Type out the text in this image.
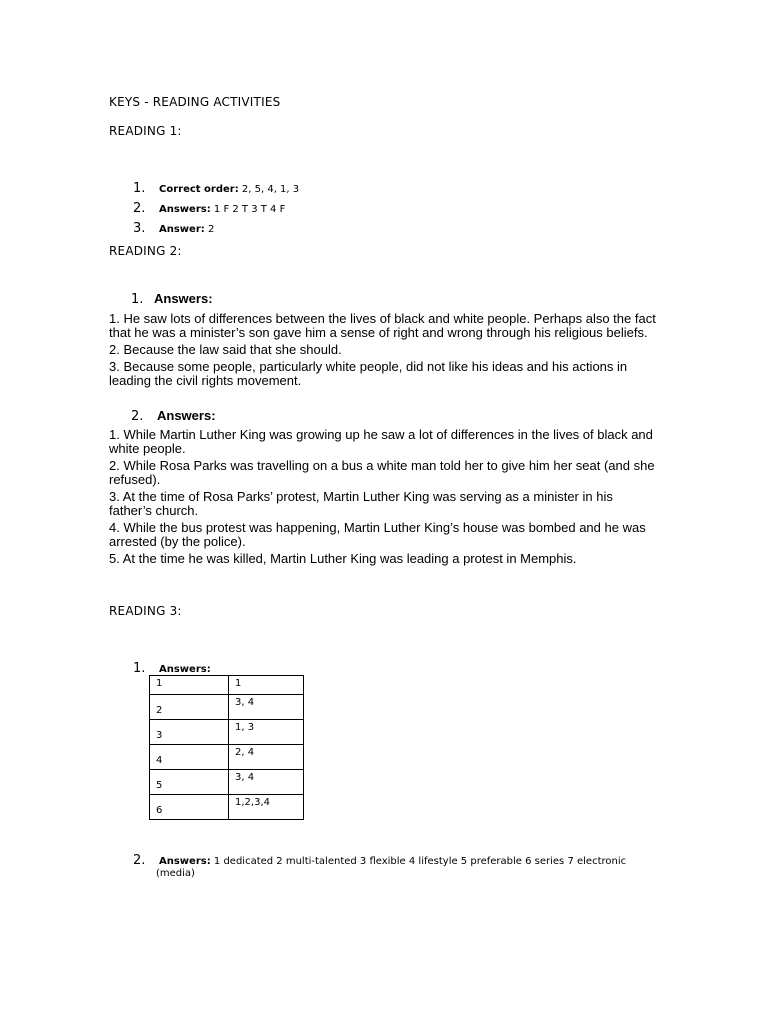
KEYS - READING ACTIVITIES
READING 1:
1. Correct order: 2, 5, 4, 1, 3
2. Answers: 1 F 2 T 3 T 4 F
3. Answer: 2
READING 2:
1. Answers:
1. He saw lots of differences between the lives of black and white people. Perhaps also the fact that he was a minister’s son gave him a sense of right and wrong through his religious beliefs.
2. Because the law said that she should.
3. Because some people, particularly white people, did not like his ideas and his actions in leading the civil rights movement.
2. Answers:
1. While Martin Luther King was growing up he saw a lot of differences in the lives of black and white people.
2. While Rosa Parks was travelling on a bus a white man told her to give him her seat (and she refused).
3. At the time of Rosa Parks’ protest, Martin Luther King was serving as a minister in his father’s church.
4. While the bus protest was happening, Martin Luther King’s house was bombed and he was arrested (by the police).
5. At the time he was killed, Martin Luther King was leading a protest in Memphis.
READING 3:
1. Answers:
1	1

2	3, 4

3	1, 3

4	2, 4

5	3, 4

6	1,2,3,4
2. Answers: 1 dedicated 2 multi-talented 3 flexible 4 lifestyle 5 preferable 6 series 7 electronic
(media)
